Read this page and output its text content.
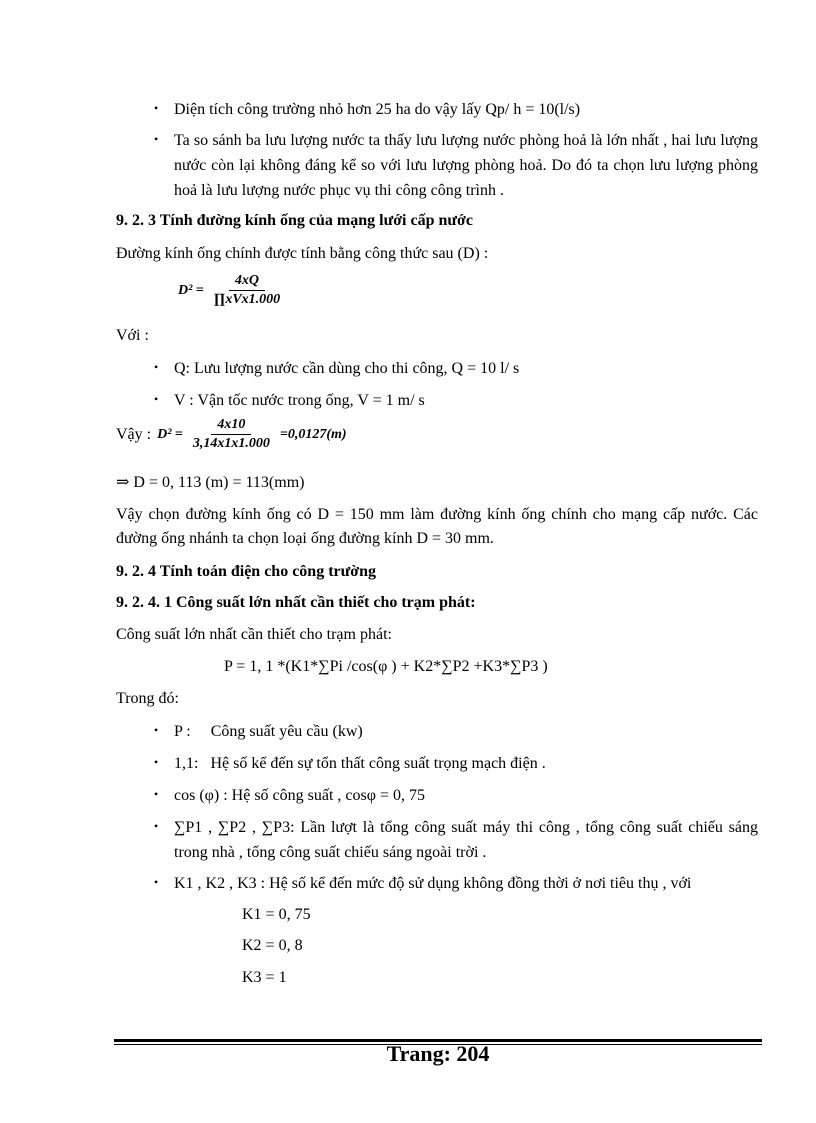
• Diện tích công trường nhỏ hơn 25 ha do vậy lấy Qp/ h = 10(l/s)
• Ta so sánh ba lưu lượng nước ta thấy lưu lượng nước phòng hoả là lớn nhất , hai lưu lượng nước còn lại không đáng kể so với lưu lượng phòng hoả. Do đó ta chọn lưu lượng phòng hoả là lưu lượng nước phục vụ thi công công trình .
9. 2. 3 Tính đường kính ống của mạng lưới cấp nước
Đường kính ống chính được tính bằng công thức sau (D) :
$D^2 = \frac{4xQ}{\text{∏xVx1.000}}$
Với :
• Q: Lưu lượng nước cần dùng cho thi công, Q = 10 l/ s
• V : Vận tốc nước trong ống, V = 1 m/ s
Vậy : $D^2 = \frac{4x10}{3,14x1x1.000} =0,0127(m)$
⇒ D = 0, 113 (m) = 113(mm)
Vậy chọn đường kính ống có D = 150 mm làm đường kính ống chính cho mạng cấp nước. Các đường ống nhánh ta chọn loại ống đường kính D = 30 mm.
9. 2. 4 Tính toán điện cho công trường
9. 2. 4. 1 Công suất lớn nhất cần thiết cho trạm phát:
Công suất lớn nhất cần thiết cho trạm phát:
P = 1, 1 *(K1*∑Pi /cos(φ ) + K2*∑P2 +K3*∑P3 )
Trong đó:
• P :     Công suất yêu cầu (kw)
• 1,1:   Hệ số kể đến sự tổn thất công suất trọng mạch điện .
• cos (φ) : Hệ số công suất , cosφ = 0, 75
• ∑P1 , ∑P2 , ∑P3: Lần lượt là tổng công suất máy thi công , tổng công suất chiếu sáng trong nhà , tổng công suất chiếu sáng ngoài trời .
• K1 , K2 , K3 : Hệ số kể đến mức độ sử dụng không đồng thời ở nơi tiêu thụ , với
K1 = 0, 75
K2 = 0, 8
K3 = 1
Trang: 204
